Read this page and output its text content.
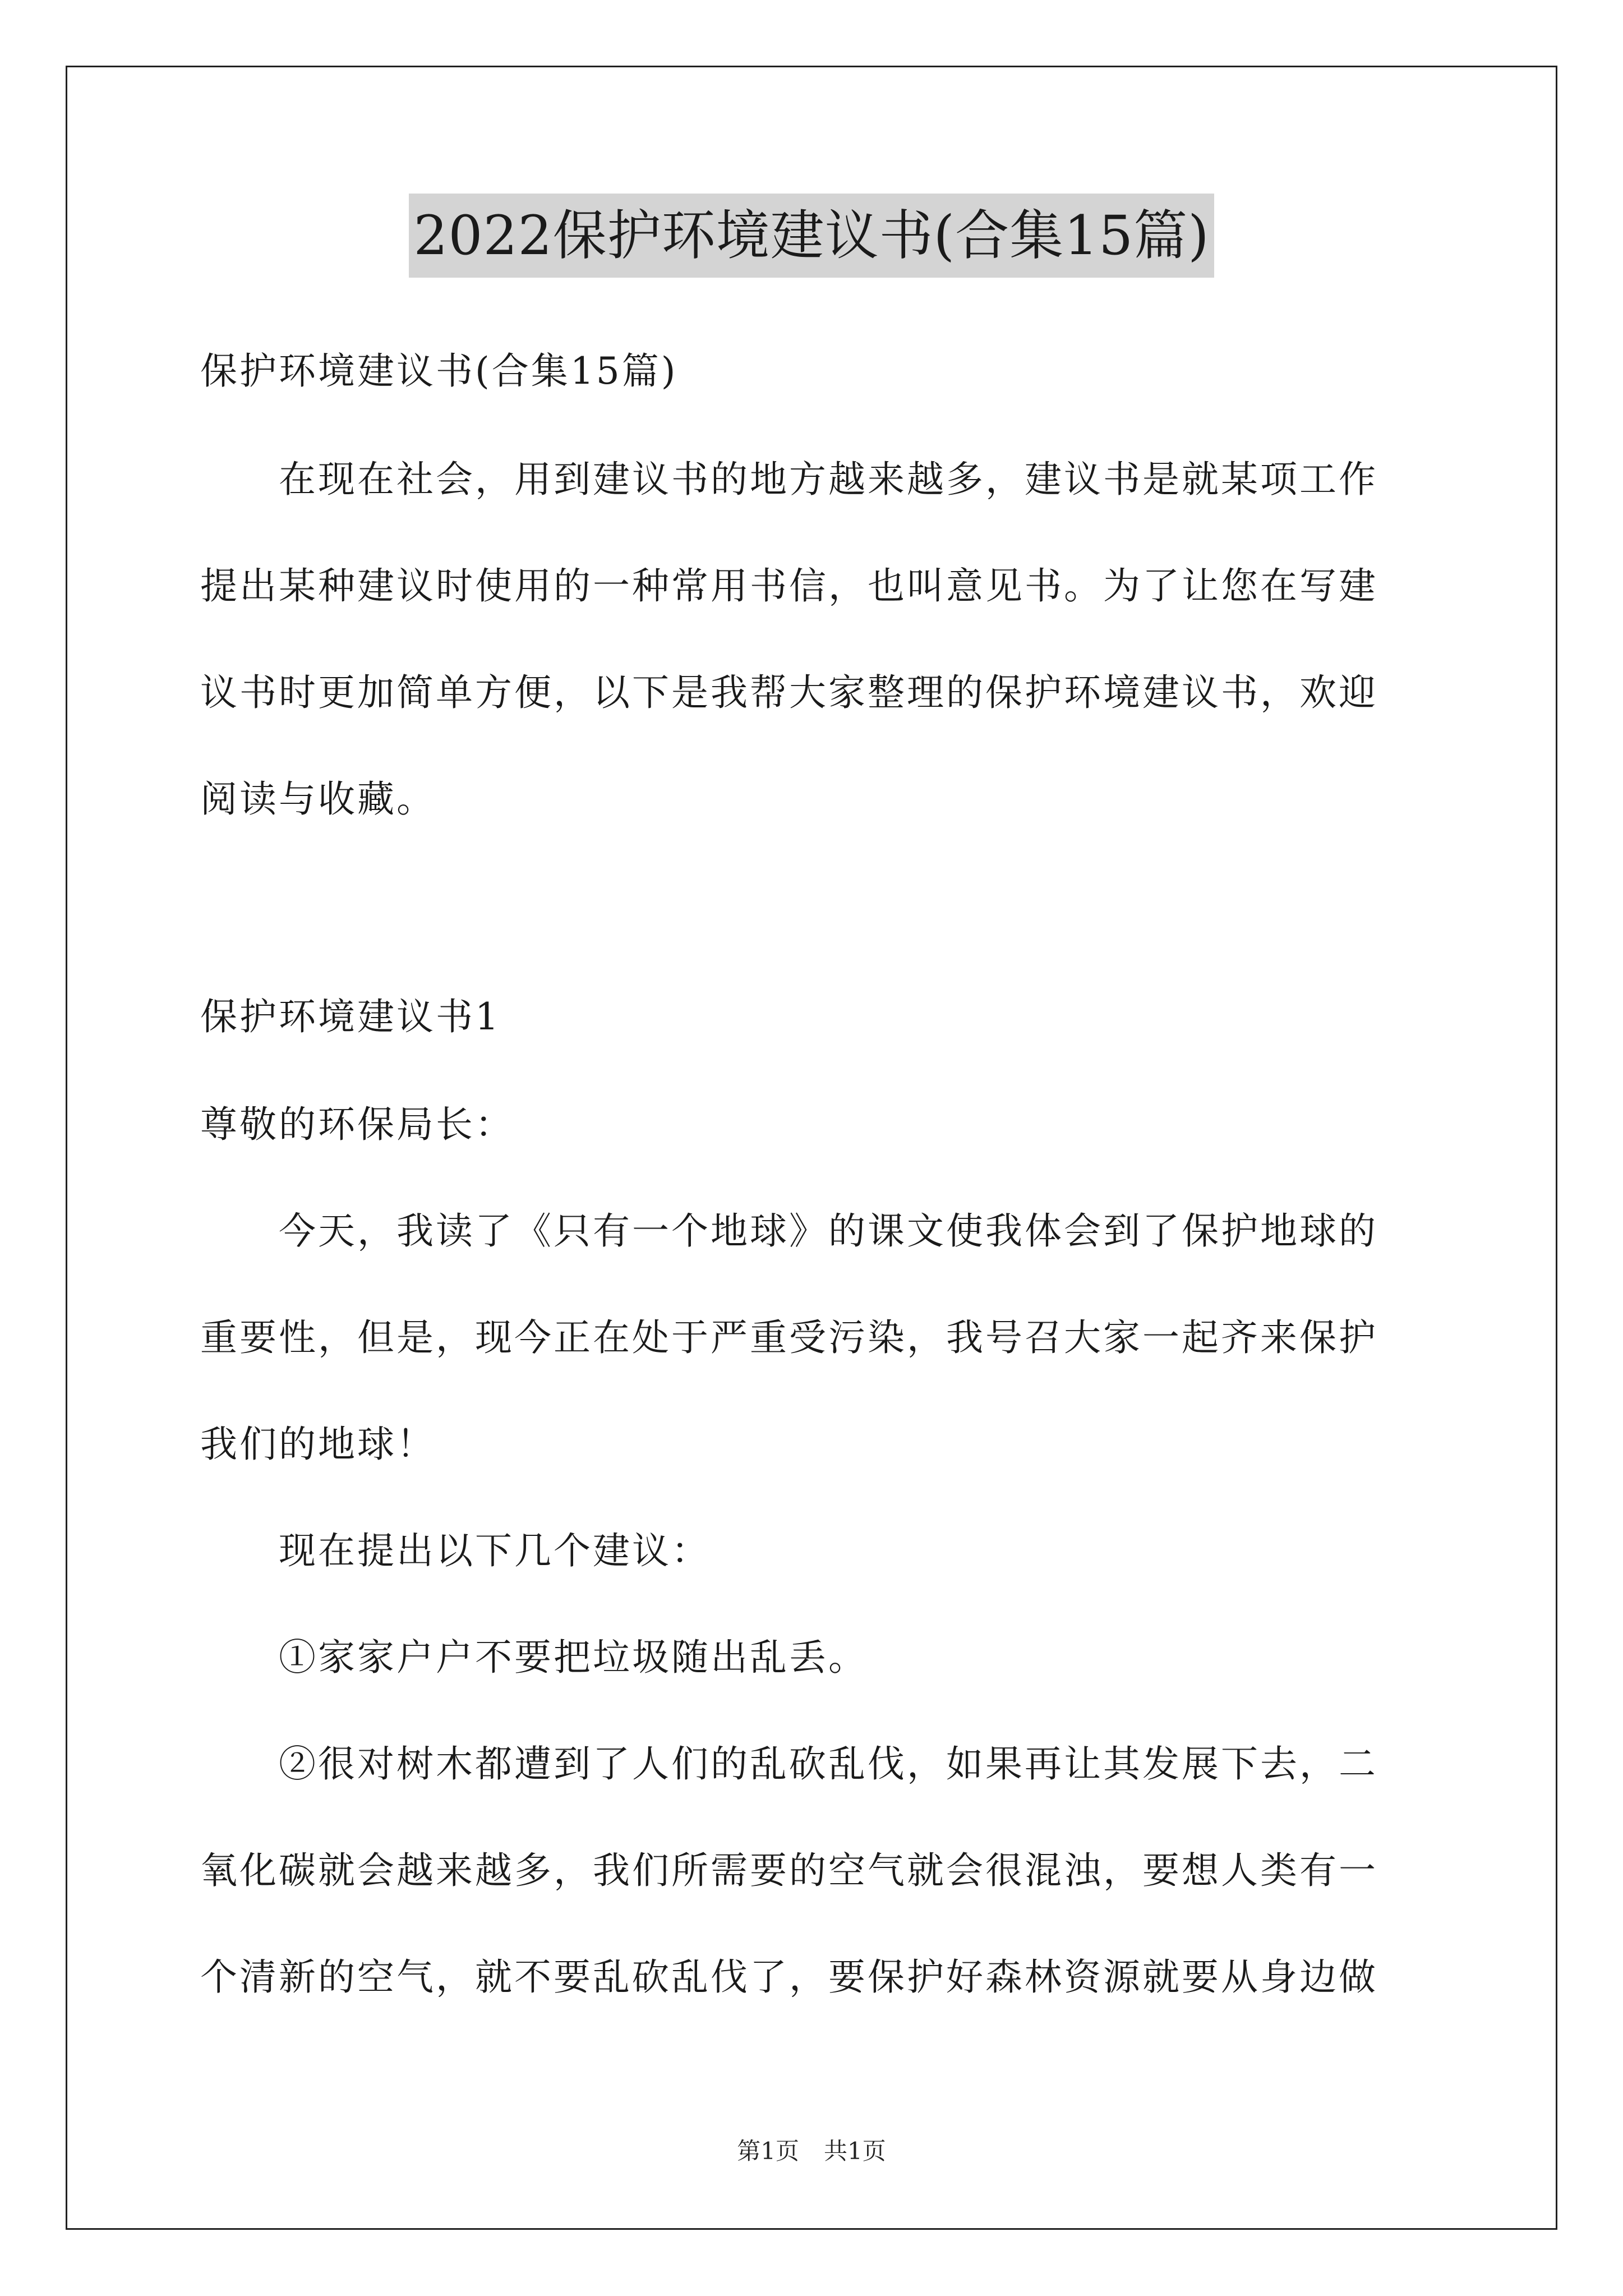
2022保护环境建议书(合集15篇)
保护环境建议书(合集15篇)
　　在现在社会，用到建议书的地方越来越多，建议书是就某项工作
提出某种建议时使用的一种常用书信，也叫意见书。为了让您在写建
议书时更加简单方便，以下是我帮大家整理的保护环境建议书，欢迎
阅读与收藏。
保护环境建议书1
尊敬的环保局长：
　　今天，我读了《只有一个地球》的课文使我体会到了保护地球的
重要性，但是，现今正在处于严重受污染，我号召大家一起齐来保护
我们的地球！
　　现在提出以下几个建议：
　　①家家户户不要把垃圾随出乱丢。
　　②很对树木都遭到了人们的乱砍乱伐，如果再让其发展下去，二
氧化碳就会越来越多，我们所需要的空气就会很混浊，要想人类有一
个清新的空气，就不要乱砍乱伐了，要保护好森林资源就要从身边做
第1页 共1页
